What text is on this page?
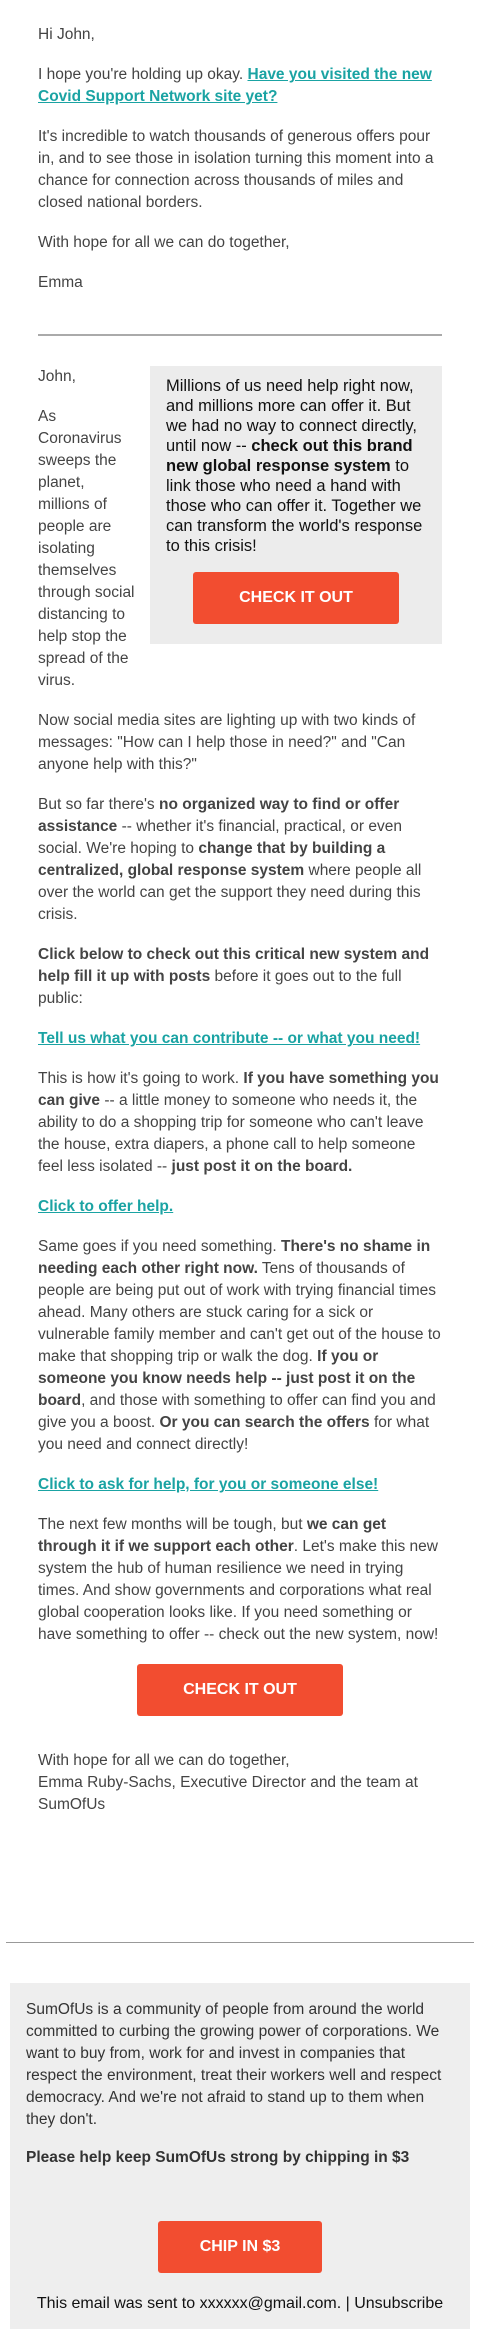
Hi John,

I hope you're holding up okay. Have you visited the new Covid Support Network site yet?

It's incredible to watch thousands of generous offers pour in, and to see those in isolation turning this moment into a chance for connection across thousands of miles and closed national borders.

With hope for all we can do together,

Emma

Millions of us need help right now, and millions more can offer it. But we had no way to connect directly, until now -- check out this brand new global response system to link those who need a hand with those who can offer it. Together we can transform the world's response to this crisis!
CHECK IT OUT

John,

As Coronavirus sweeps the planet, millions of people are isolating themselves through social distancing to help stop the spread of the virus.

Now social media sites are lighting up with two kinds of messages: "How can I help those in need?" and "Can anyone help with this?"

But so far there's no organized way to find or offer assistance -- whether it's financial, practical, or even social. We're hoping to change that by building a centralized, global response system where people all over the world can get the support they need during this crisis.

Click below to check out this critical new system and help fill it up with posts before it goes out to the full public:

Tell us what you can contribute -- or what you need!

This is how it's going to work. If you have something you can give -- a little money to someone who needs it, the ability to do a shopping trip for someone who can't leave the house, extra diapers, a phone call to help someone feel less isolated -- just post it on the board.

Click to offer help.

Same goes if you need something. There's no shame in needing each other right now. Tens of thousands of people are being put out of work with trying financial times ahead. Many others are stuck caring for a sick or vulnerable family member and can't get out of the house to make that shopping trip or walk the dog. If you or someone you know needs help -- just post it on the board, and those with something to offer can find you and give you a boost. Or you can search the offers for what you need and connect directly!

Click to ask for help, for you or someone else!

The next few months will be tough, but we can get through it if we support each other. Let's make this new system the hub of human resilience we need in trying times. And show governments and corporations what real global cooperation looks like. If you need something or have something to offer -- check out the new system, now!

CHECK IT OUT

With hope for all we can do together,

Emma Ruby-Sachs, Executive Director and the team at SumOfUs

SumOfUs is a community of people from around the world committed to curbing the growing power of corporations. We want to buy from, work for and invest in companies that respect the environment, treat their workers well and respect democracy. And we're not afraid to stand up to them when they don't.

Please help keep SumOfUs strong by chipping in $3

CHIP IN $3
This email was sent to xxxxxx@gmail.com. | Unsubscribe
